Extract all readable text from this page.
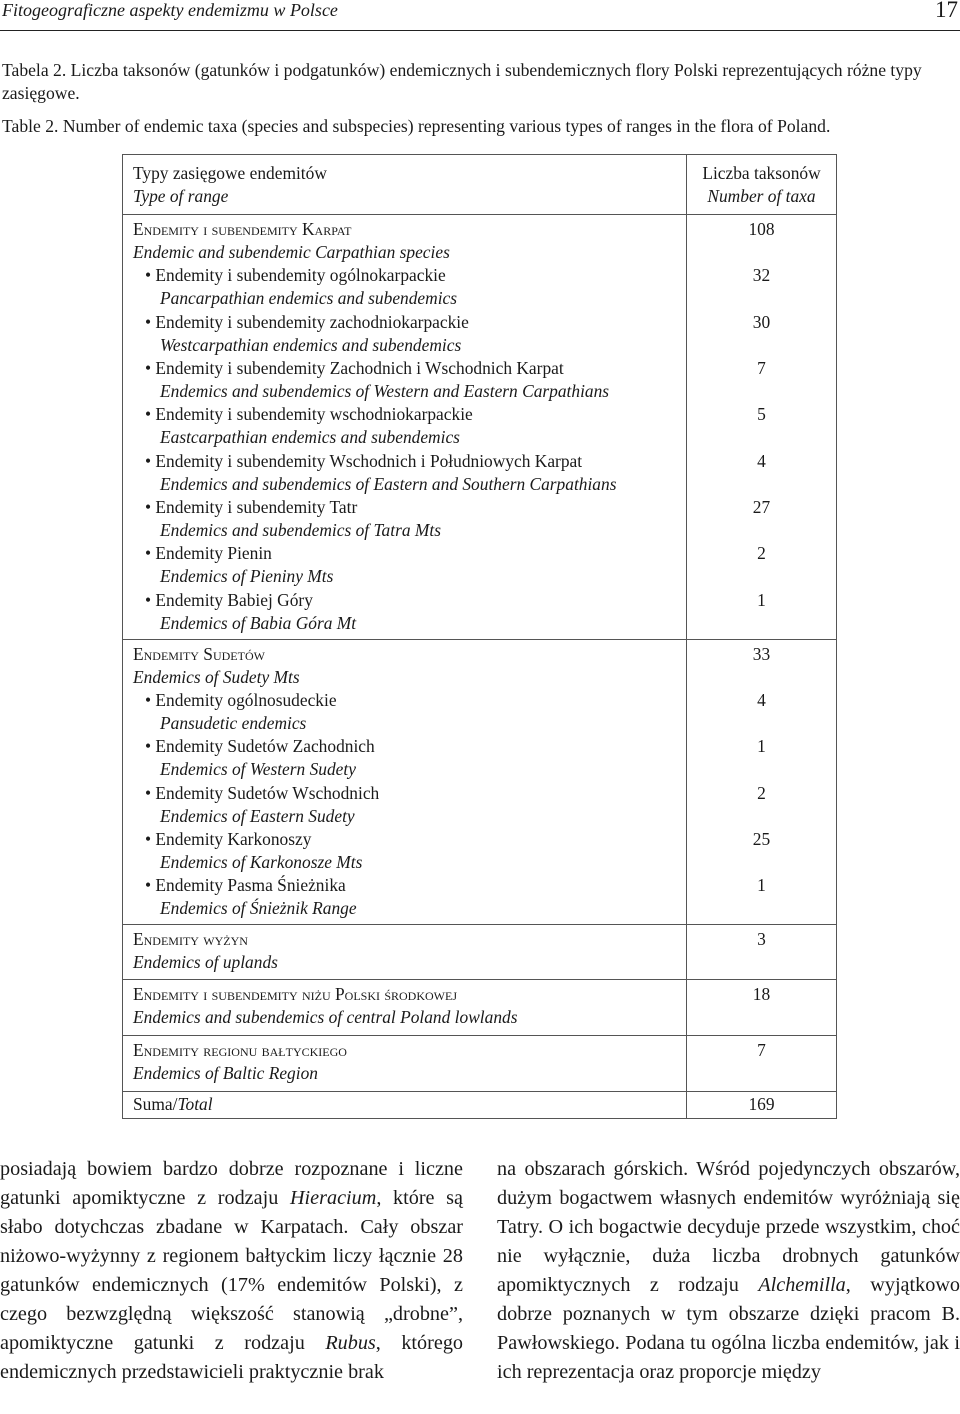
Fitogeograficzne aspekty endemizmu w Polsce	17
Tabela 2. Liczba taksonów (gatunków i podgatunków) endemicznych i subendemicznych flory Polski reprezentujących różne typy zasięgowe.
Table 2. Number of endemic taxa (species and subspecies) representing various types of ranges in the flora of Poland.
Typy zasięgowe endemitów
Type of range
Liczba taksonów
Number of taxa
Endemity i subendemity Karpat
Endemic and subendemic Carpathian species
108
• Endemity i subendemity ogólnokarpackie
Pancarpathian endemics and subendemics
32
• Endemity i subendemity zachodniokarpackie
Westcarpathian endemics and subendemics
30
• Endemity i subendemity Zachodnich i Wschodnich Karpat
Endemics and subendemics of Western and Eastern Carpathians
7
• Endemity i subendemity wschodniokarpackie
Eastcarpathian endemics and subendemics
5
• Endemity i subendemity Wschodnich i Południowych Karpat
Endemics and subendemics of Eastern and Southern Carpathians
4
• Endemity i subendemity Tatr
Endemics and subendemics of Tatra Mts
27
• Endemity Pienin
Endemics of Pieniny Mts
2
• Endemity Babiej Góry
Endemics of Babia Góra Mt
1
Endemity Sudetów
Endemics of Sudety Mts
33
• Endemity ogólnosudeckie
Pansudetic endemics
4
• Endemity Sudetów Zachodnich
Endemics of Western Sudety
1
• Endemity Sudetów Wschodnich
Endemics of Eastern Sudety
2
• Endemity Karkonoszy
Endemics of Karkonosze Mts
25
• Endemity Pasma Śnieżnika
Endemics of Śnieżnik Range
1
Endemity wyżyn
Endemics of uplands
3
Endemity i subendemity niżu Polski środkowej
Endemics and subendemics of central Poland lowlands
18
Endemity regionu bałtyckiego
Endemics of Baltic Region
7
Suma/Total	169

posiadają bowiem bardzo dobrze rozpoznane i liczne gatunki apomiktyczne z rodzaju Hieracium, które są słabo dotychczas zbadane w Karpatach. Cały obszar niżowo-wyżynny z regionem bałtyckim liczy łącznie 28 gatunków endemicznych (17% endemitów Polski), z czego bezwzględną większość stanowią „drobne”, apomiktyczne gatunki z rodzaju Rubus, którego endemicznych przedstawicieli praktycznie brak

na obszarach górskich. Wśród pojedynczych obszarów, dużym bogactwem własnych endemitów wyróżniają się Tatry. O ich bogactwie decyduje przede wszystkim, choć nie wyłącznie, duża liczba drobnych gatunków apomiktycznych z rodzaju Alchemilla, wyjątkowo dobrze poznanych w tym obszarze dzięki pracom B. Pawłowskiego. Podana tu ogólna liczba endemitów, jak i ich reprezentacja oraz proporcje między
